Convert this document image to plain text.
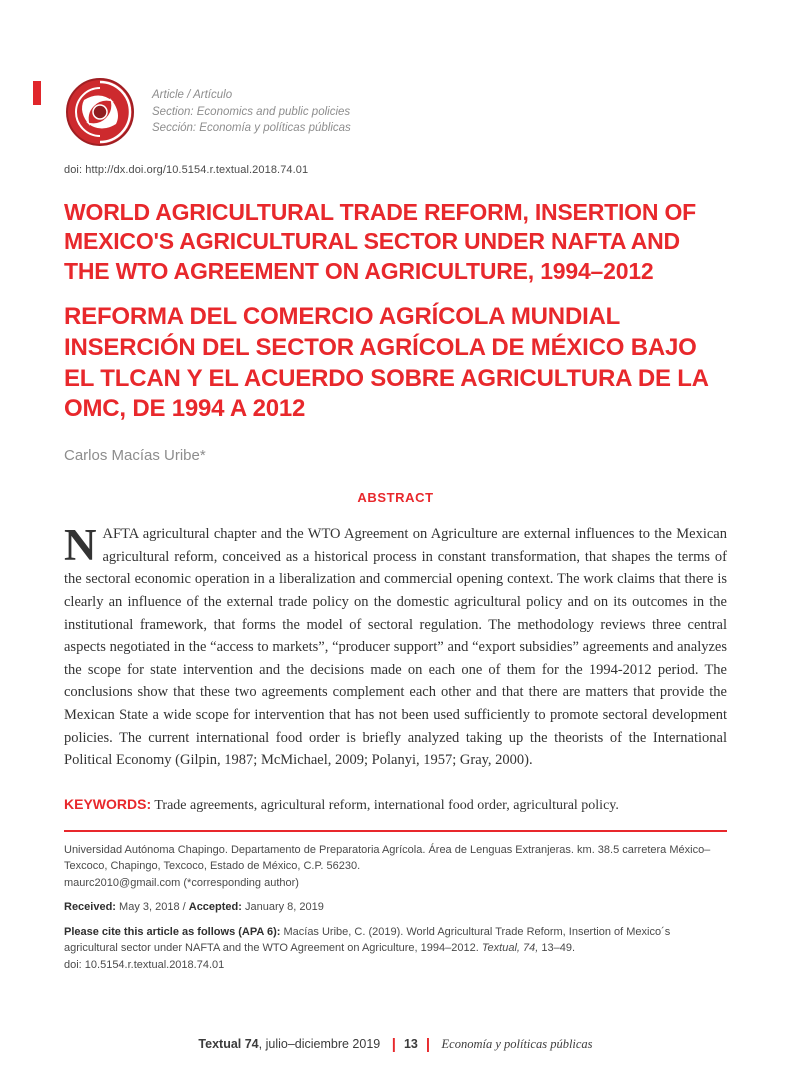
Article / Artículo
Section: Economics and public policies
Sección: Economía y políticas públicas
doi: http://dx.doi.org/10.5154.r.textual.2018.74.01
WORLD AGRICULTURAL TRADE REFORM, INSERTION OF MEXICO'S AGRICULTURAL SECTOR UNDER NAFTA AND THE WTO AGREEMENT ON AGRICULTURE, 1994–2012
REFORMA DEL COMERCIO AGRÍCOLA MUNDIAL INSERCIÓN DEL SECTOR AGRÍCOLA DE MÉXICO BAJO EL TLCAN Y EL ACUERDO SOBRE AGRICULTURA DE LA OMC, DE 1994 A 2012
Carlos Macías Uribe*
ABSTRACT
NAFTA agricultural chapter and the WTO Agreement on Agriculture are external influences to the Mexican agricultural reform, conceived as a historical process in constant transformation, that shapes the terms of the sectoral economic operation in a liberalization and commercial opening context. The work claims that there is clearly an influence of the external trade policy on the domestic agricultural policy and on its outcomes in the institutional framework, that forms the model of sectoral regulation. The methodology reviews three central aspects negotiated in the “access to markets”, “producer support” and “export subsidies” agreements and analyzes the scope for state intervention and the decisions made on each one of them for the 1994-2012 period. The conclusions show that these two agreements complement each other and that there are matters that provide the Mexican State a wide scope for intervention that has not been used sufficiently to promote sectoral development policies. The current international food order is briefly analyzed taking up the theorists of the International Political Economy (Gilpin, 1987; McMichael, 2009; Polanyi, 1957; Gray, 2000).
KEYWORDS: Trade agreements, agricultural reform, international food order, agricultural policy.
Universidad Autónoma Chapingo. Departamento de Preparatoria Agrícola. Área de Lenguas Extranjeras. km. 38.5 carretera México–Texcoco, Chapingo, Texcoco, Estado de México, C.P. 56230.
maurc2010@gmail.com (*corresponding author)
Received: May 3, 2018 / Accepted: January 8, 2019
Please cite this article as follows (APA 6): Macías Uribe, C. (2019). World Agricultural Trade Reform, Insertion of Mexico´s agricultural sector under NAFTA and the WTO Agreement on Agriculture, 1994–2012. Textual, 74, 13–49.
doi: 10.5154.r.textual.2018.74.01
Textual 74, julio–diciembre 2019 | 13 | Economía y políticas públicas
